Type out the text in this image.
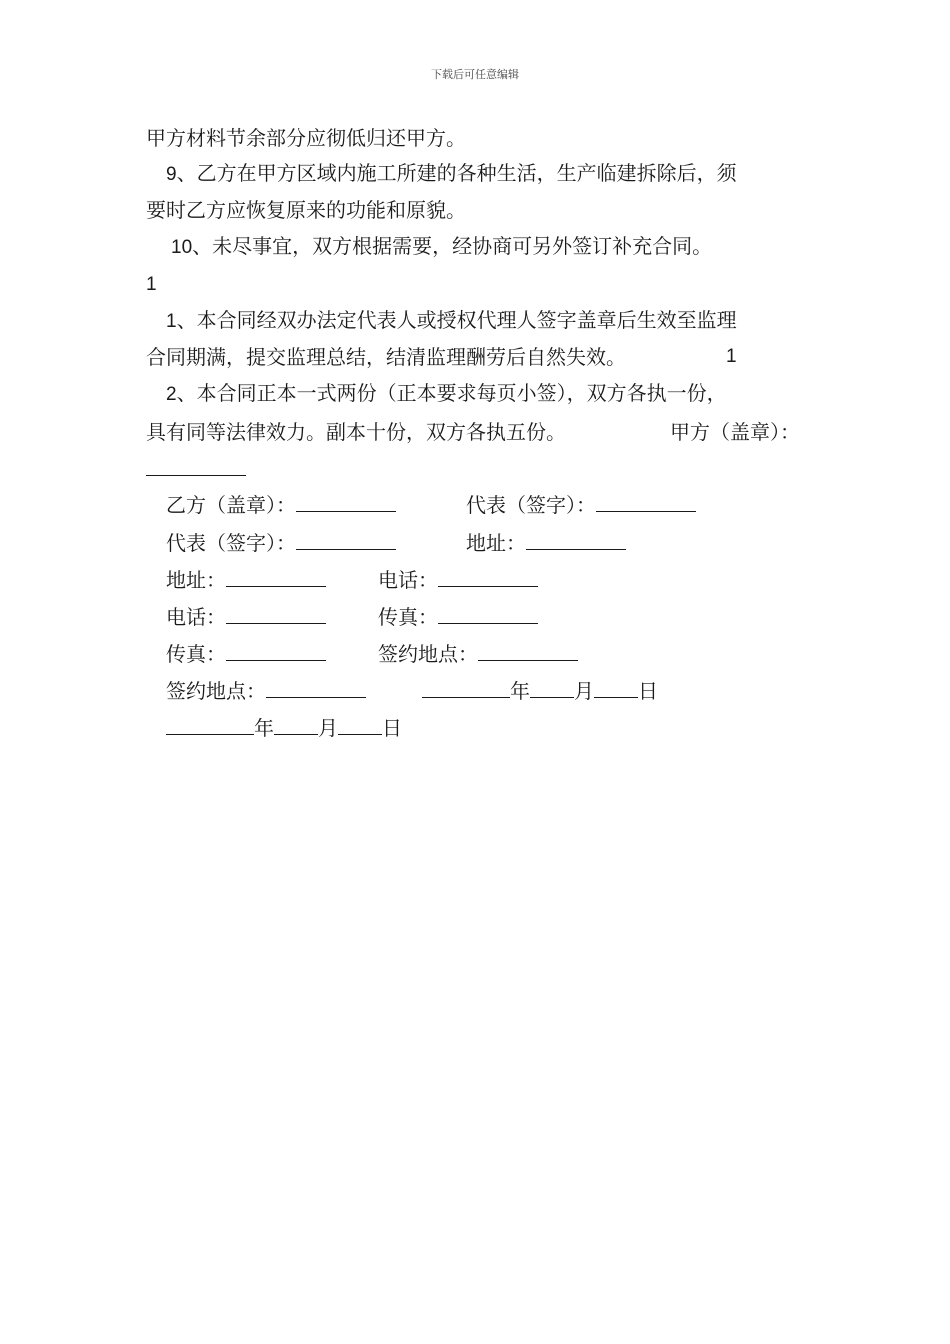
下载后可任意编辑
甲方材料节余部分应彻低归还甲方。
9、乙方在甲方区域内施工所建的各种生活，生产临建拆除后，须
要时乙方应恢复原来的功能和原貌。
10、未尽事宜，双方根据需要，经协商可另外签订补充合同。
1
1、本合同经双办法定代表人或授权代理人签字盖章后生效至监理
合同期满，提交监理总结，结清监理酬劳后自然失效。	1
2、本合同正本一式两份（正本要求每页小签），双方各执一份，
具有同等法律效力。副本十份，双方各执五份。	甲方（盖章）：
乙方（盖章）：	代表（签字）：
代表（签字）：	地址：
地址：	电话：
电话：	传真：
传真：	签约地点：
签约地点：	年 月 日
年 月 日
